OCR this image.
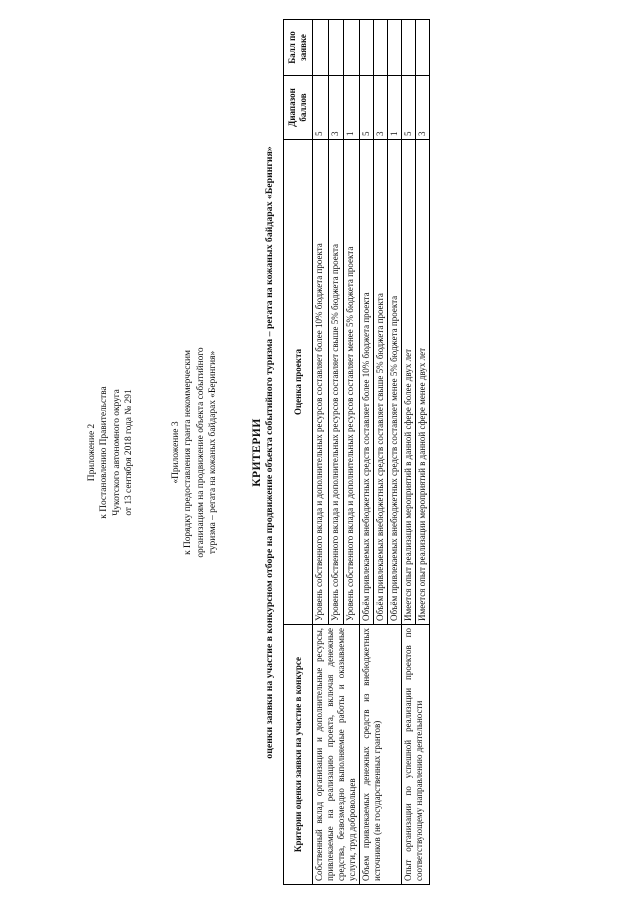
Приложение 2 к Постановлению Правительства Чукотского автономного округа от 13 сентября 2018 года № 291	«Приложение 3 к Порядку предоставления гранта некоммерческим организациям на продвижение объекта событийного туризма – регата на кожаных байдарах «Берингия»	КРИТЕРИИ оценки заявки на участие в конкурсном отборе на продвижение объекта событийного туризма – регата на кожаных байдарах «Берингия» Критерии оценки заявки на участие в конкурсе	Оценка проекта	Диапазон баллов	Балл по заявке
Собственный вклад организации и дополнительные ресурсы, привлекаемые на реализацию проекта, включая денежные средства, безвозмездно выполняемые работы и оказываемые услуги, труд добровольцев	Уровень собственного вклада и дополнительных ресурсов составляет более 10% бюджета проекта	5	
	Уровень собственного вклада и дополнительных ресурсов составляет свыше 5% бюджета проекта	3	
	Уровень собственного вклада и дополнительных ресурсов составляет менее 5% бюджета проекта	1	
Объем привлекаемых денежных средств из внебюджетных источников (не государственных грантов)	Объём привлекаемых внебюджетных средств составляет более 10% бюджета проекта	5	
	Объём привлекаемых внебюджетных средств составляет свыше 5% бюджета проекта	3	
	Объём привлекаемых внебюджетных средств составляет менее 5% бюджета проекта	1	
Опыт организации по успешной реализации проектов по соответствующему направлению деятельности	Имеется опыт реализации мероприятий в данной сфере более двух лет	5	
	Имеется опыт реализации мероприятий в данной сфере менее двух лет	3	
